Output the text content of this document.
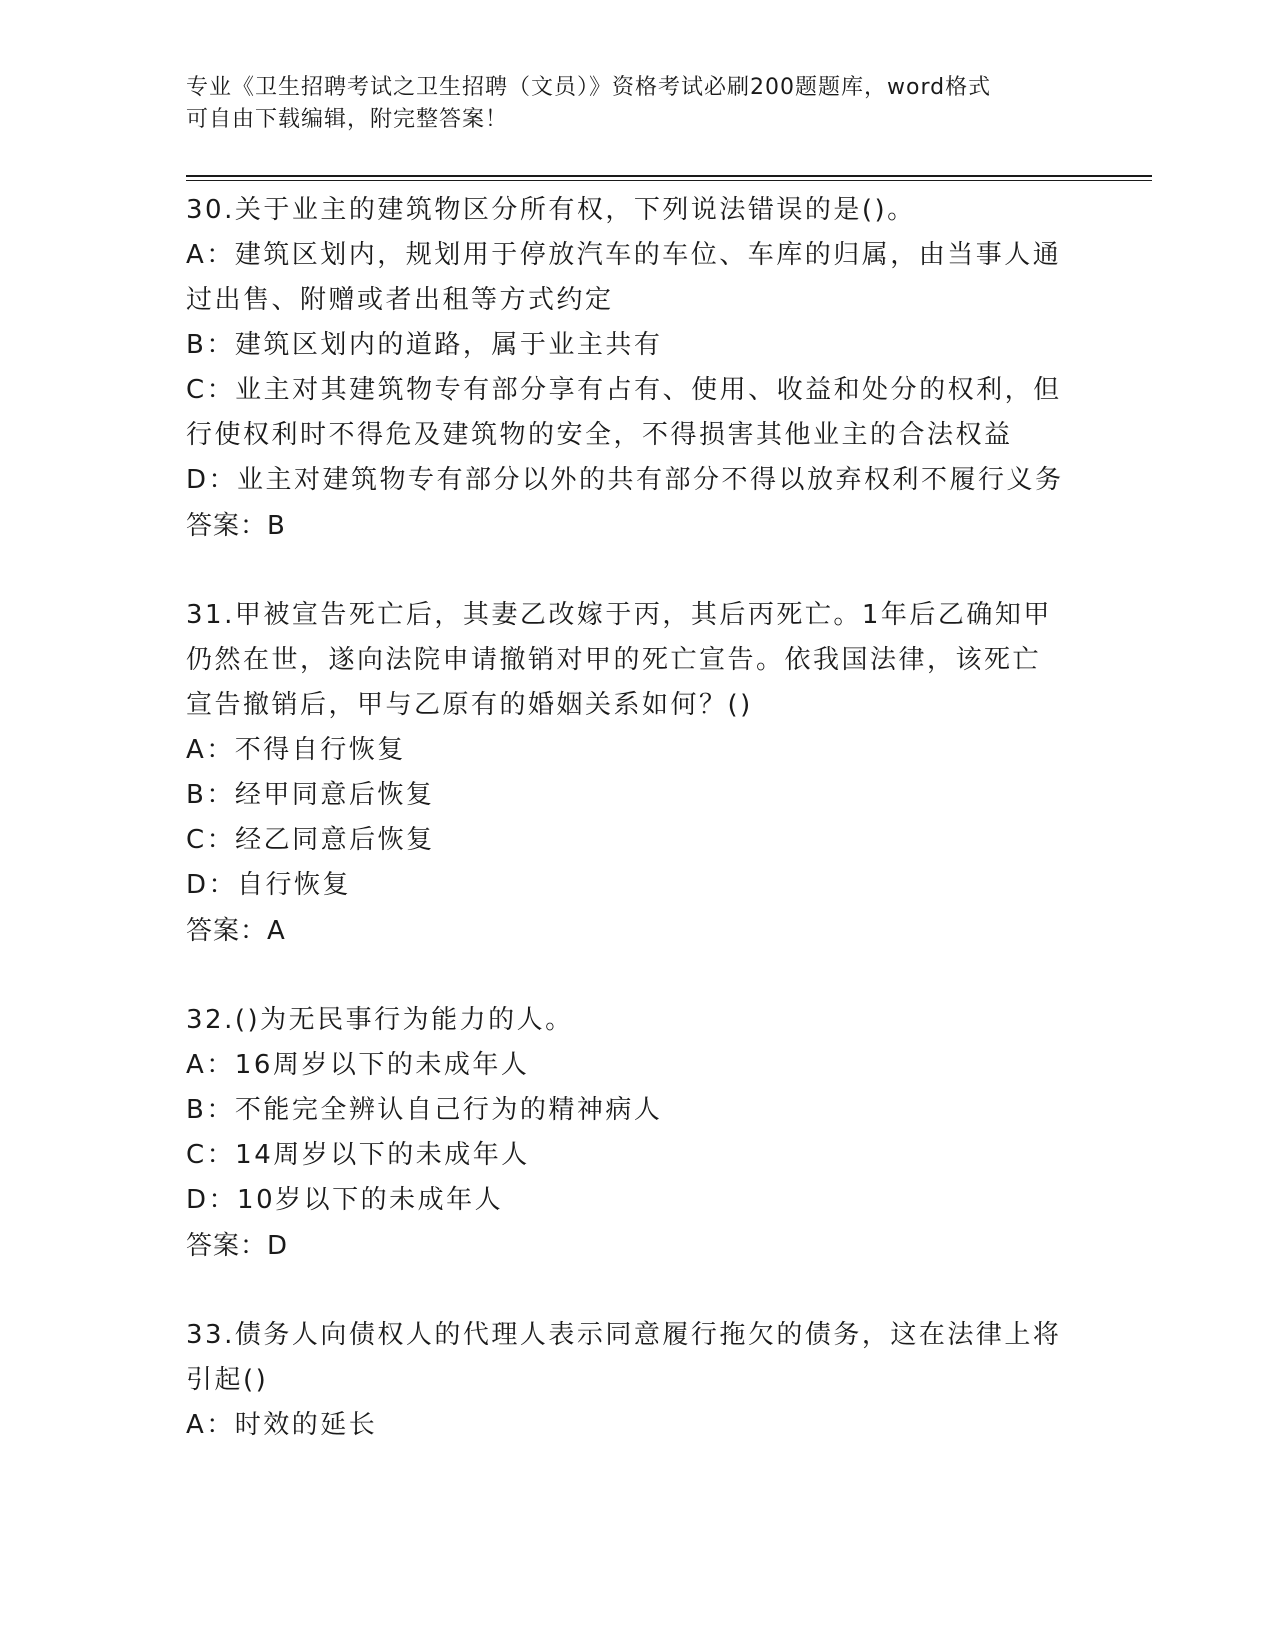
专业《卫生招聘考试之卫生招聘（文员）》资格考试必刷200题题库，word格式
可自由下载编辑，附完整答案！
30.关于业主的建筑物区分所有权，下列说法错误的是()。
A：建筑区划内，规划用于停放汽车的车位、车库的归属，由当事人通
过出售、附赠或者出租等方式约定
B：建筑区划内的道路，属于业主共有
C：业主对其建筑物专有部分享有占有、使用、收益和处分的权利，但
行使权利时不得危及建筑物的安全，不得损害其他业主的合法权益
D：业主对建筑物专有部分以外的共有部分不得以放弃权利不履行义务
答案：B
31.甲被宣告死亡后，其妻乙改嫁于丙，其后丙死亡。1年后乙确知甲
仍然在世，遂向法院申请撤销对甲的死亡宣告。依我国法律，该死亡
宣告撤销后，甲与乙原有的婚姻关系如何？()
A：不得自行恢复
B：经甲同意后恢复
C：经乙同意后恢复
D：自行恢复
答案：A
32.()为无民事行为能力的人。
A：16周岁以下的未成年人
B：不能完全辨认自己行为的精神病人
C：14周岁以下的未成年人
D：10岁以下的未成年人
答案：D
33.债务人向债权人的代理人表示同意履行拖欠的债务，这在法律上将
引起()
A：时效的延长
